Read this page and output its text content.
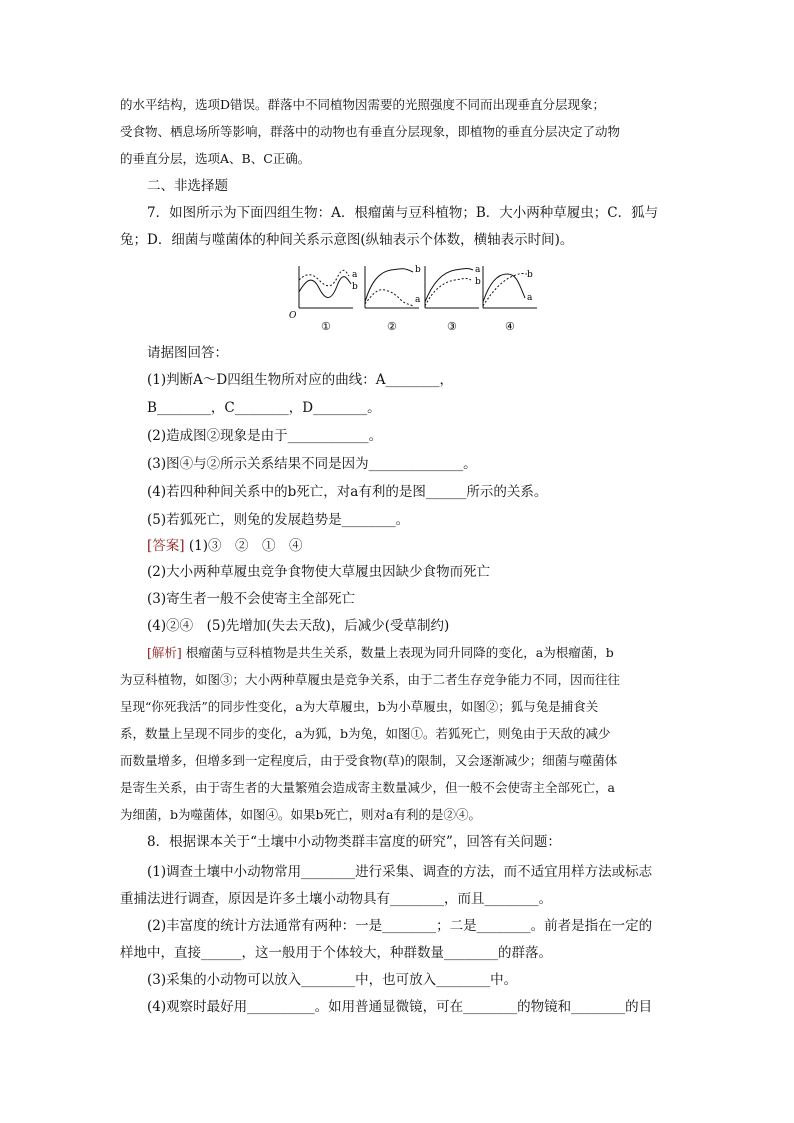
的水平结构，选项D错误。群落中不同植物因需要的光照强度不同而出现垂直分层现象；
受食物、栖息场所等影响，群落中的动物也有垂直分层现象，即植物的垂直分层决定了动物
的垂直分层，选项A、B、C正确。
二、非选择题
7．如图所示为下面四组生物：A．根瘤菌与豆科植物；B．大小两种草履虫；C．狐与
兔；D．细菌与噬菌体的种间关系示意图(纵轴表示个体数，横轴表示时间)。
a
b
O
①
b
a
②
a
b
③
b
a
④
请据图回答：
(1)判断A～D四组生物所对应的曲线：A________，
B________，C________，D________。
(2)造成图②现象是由于____________。
(3)图④与②所示关系结果不同是因为______________。
(4)若四种种间关系中的b死亡，对a有利的是图______所示的关系。
(5)若狐死亡，则兔的发展趋势是________。
[答案] (1)③　②　①　④
(2)大小两种草履虫竞争食物使大草履虫因缺少食物而死亡
(3)寄生者一般不会使寄主全部死亡
(4)②④　(5)先增加(失去天敌)，后减少(受草制约)
[解析] 根瘤菌与豆科植物是共生关系，数量上表现为同升同降的变化，a为根瘤菌，b
为豆科植物，如图③；大小两种草履虫是竞争关系，由于二者生存竞争能力不同，因而往往
呈现“你死我活”的同步性变化，a为大草履虫，b为小草履虫，如图②；狐与兔是捕食关
系，数量上呈现不同步的变化，a为狐，b为兔，如图①。若狐死亡，则兔由于天敌的减少
而数量增多，但增多到一定程度后，由于受食物(草)的限制，又会逐渐减少；细菌与噬菌体
是寄生关系，由于寄生者的大量繁殖会造成寄主数量减少，但一般不会使寄主全部死亡，a
为细菌，b为噬菌体，如图④。如果b死亡，则对a有利的是②④。
8．根据课本关于“土壤中小动物类群丰富度的研究”，回答有关问题：
(1)调查土壤中小动物常用________进行采集、调查的方法，而不适宜用样方法或标志
重捕法进行调查，原因是许多土壤小动物具有________，而且________。
(2)丰富度的统计方法通常有两种：一是________；二是________。前者是指在一定的
样地中，直接______，这一般用于个体较大，种群数量________的群落。
(3)采集的小动物可以放入________中，也可放入________中。
(4)观察时最好用__________。如用普通显微镜，可在________的物镜和________的目
